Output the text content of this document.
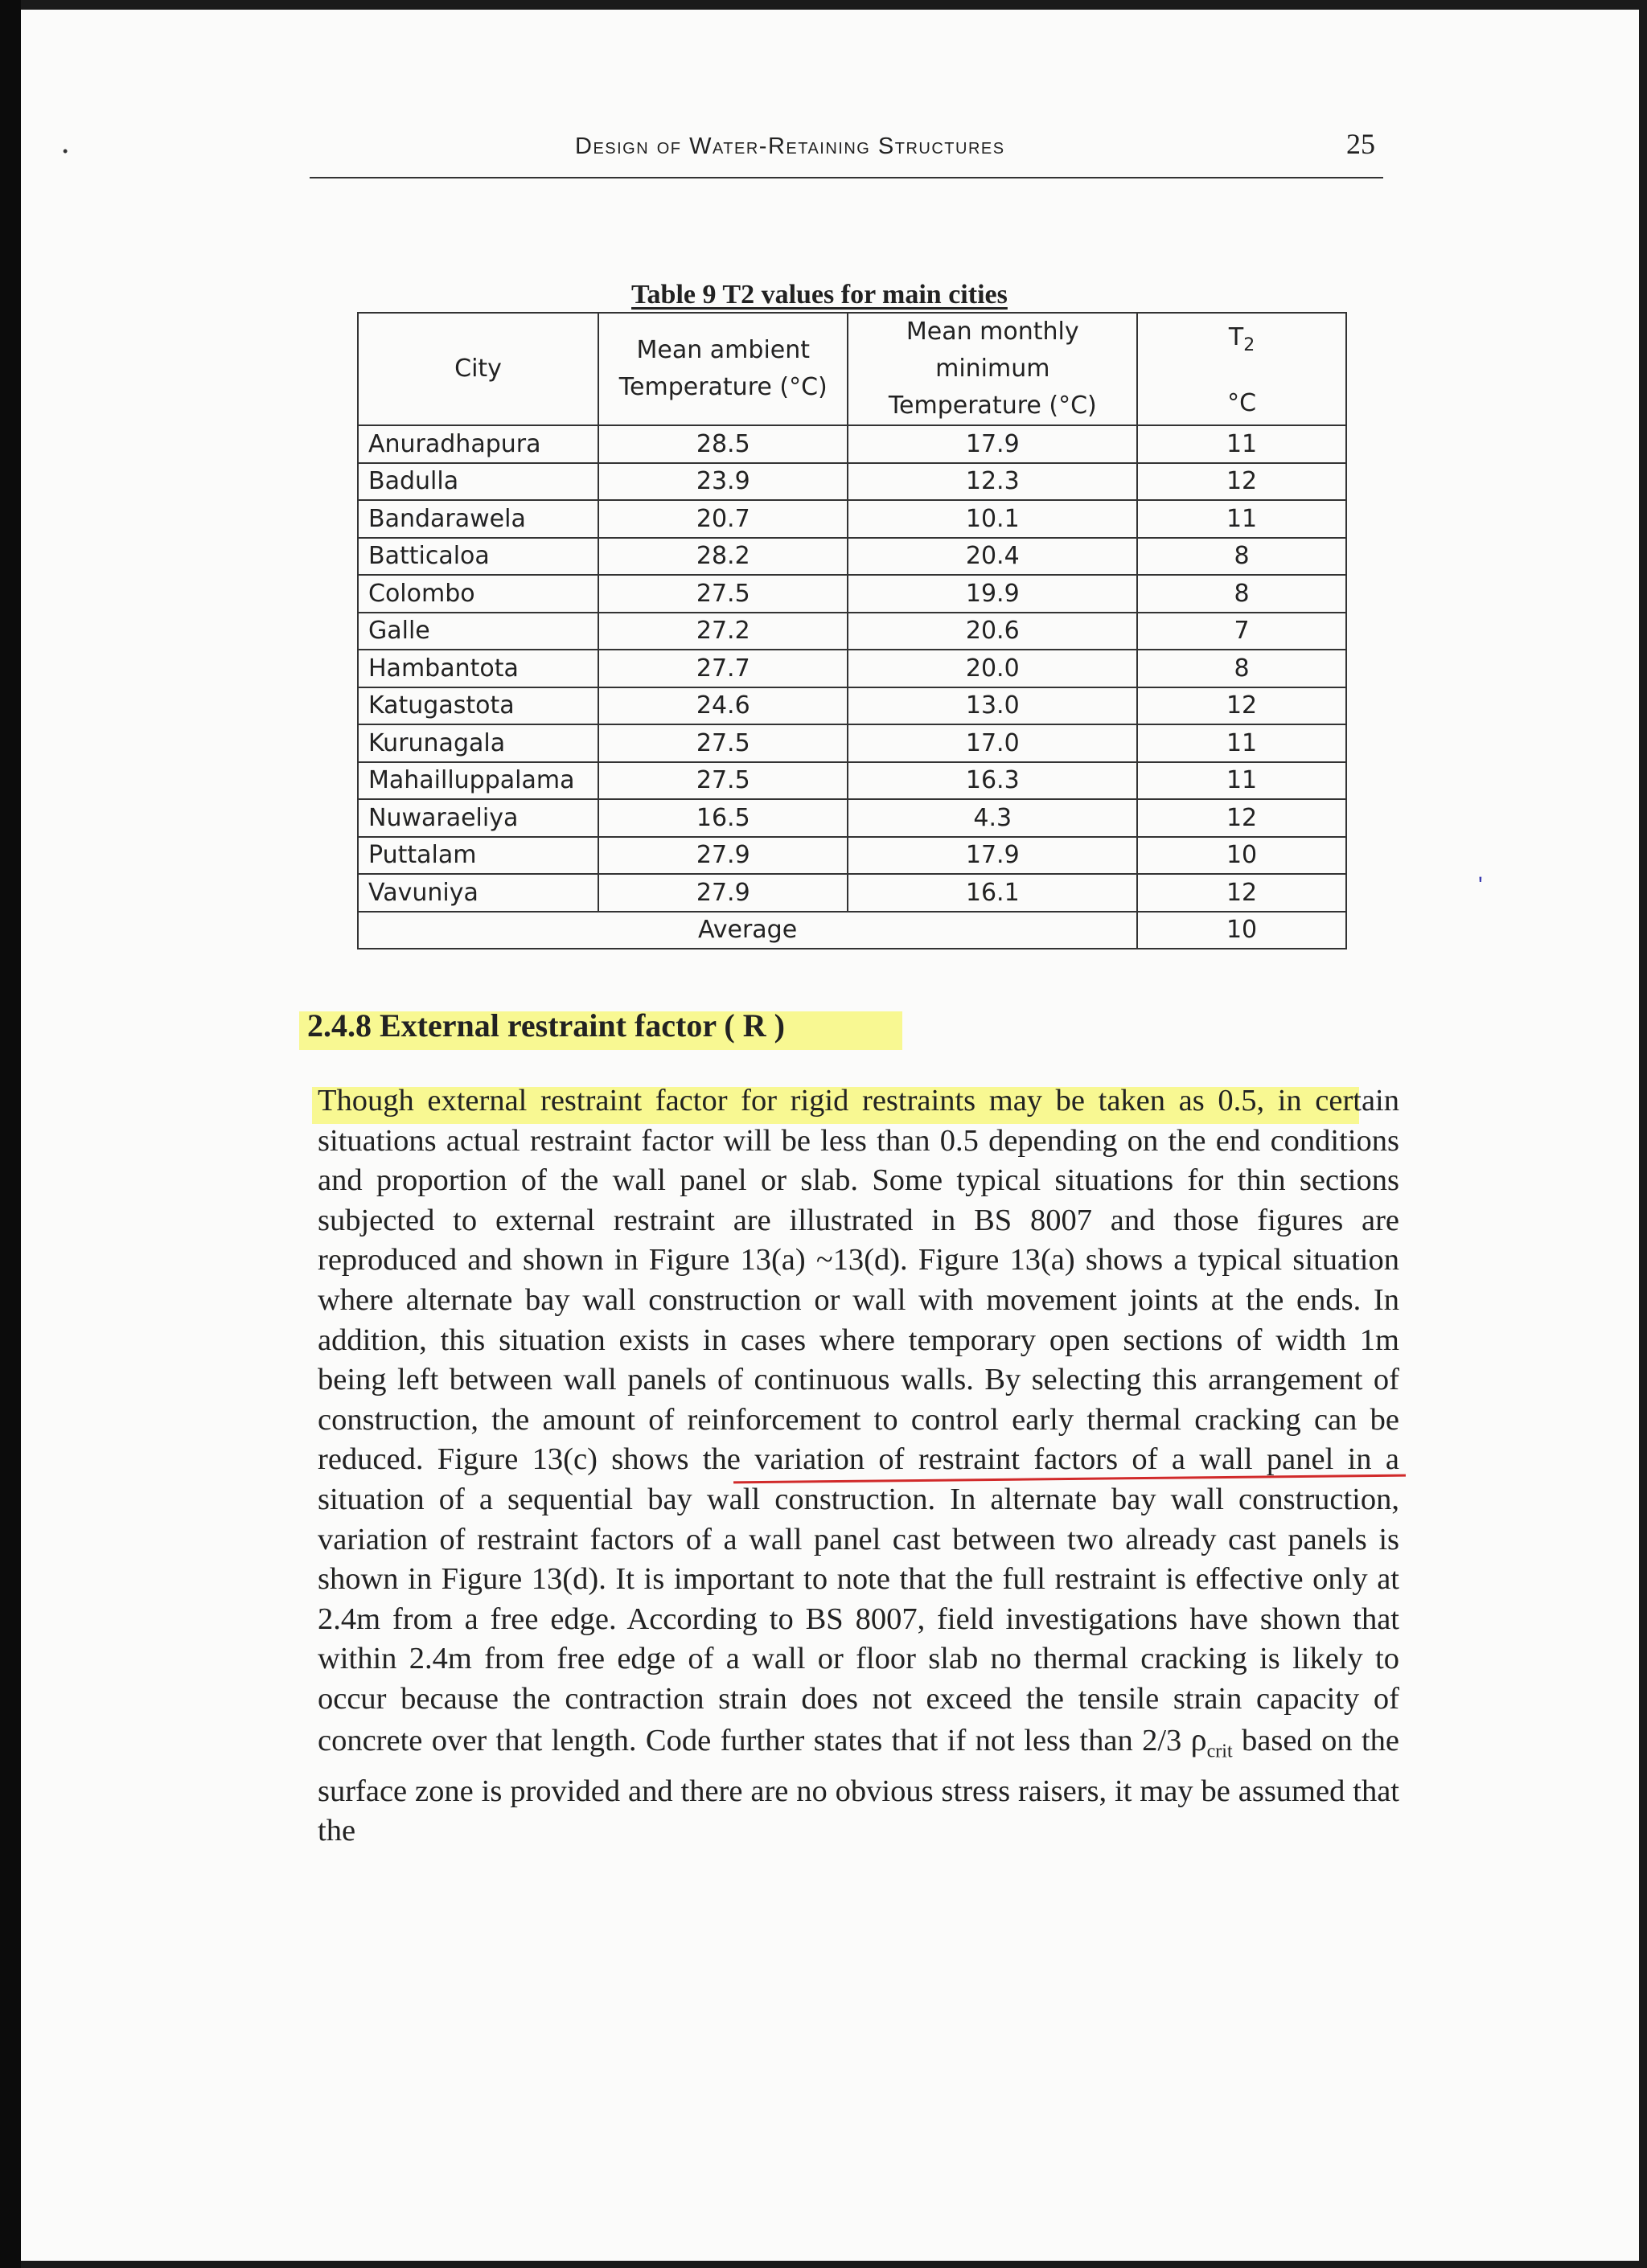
Design of Water-Retaining Structures	25
Table 9 T2 values for main cities
City	Mean ambient Temperature (°C)	Mean monthly minimum Temperature (°C)	$T_2$
°C

Anuradhapura	28.5	17.9	11
Badulla	23.9	12.3	12
Bandarawela	20.7	10.1	11
Batticaloa	28.2	20.4	8
Colombo	27.5	19.9	8
Galle	27.2	20.6	7
Hambantota	27.7	20.0	8
Katugastota	24.6	13.0	12
Kurunagala	27.5	17.0	11
Mahailluppalama	27.5	16.3	11
Nuwaraeliya	16.5	4.3	12
Puttalam	27.9	17.9	10
Vavuniya	27.9	16.1	12
Average			10
2.4.8 External restraint factor ( R )

Though external restraint factor for rigid restraints may be taken as 0.5, in certain situations actual restraint factor will be less than 0.5 depending on the end conditions and proportion of the wall panel or slab. Some typical situations for thin sections subjected to external restraint are illustrated in BS 8007 and those figures are reproduced and shown in Figure 13(a) ~13(d). Figure 13(a) shows a typical situation where alternate bay wall construction or wall with movement joints at the ends. In addition, this situation exists in cases where temporary open sections of width 1m being left between wall panels of continuous walls. By selecting this arrangement of construction, the amount of reinforcement to control early thermal cracking can be reduced. Figure 13(c) shows the variation of restraint factors of a wall panel in a situation of a sequential bay wall construction. In alternate bay wall construction, variation of restraint factors of a wall panel cast between two already cast panels is shown in Figure 13(d). It is important to note that the full restraint is effective only at 2.4m from a free edge. According to BS 8007, field investigations have shown that within 2.4m from free edge of a wall or floor slab no thermal cracking is likely to occur because the contraction strain does not exceed the tensile strain capacity of concrete over that length. Code further states that if not less than 2/3 $\rho_{crit}$ based on the surface zone is provided and there are no obvious stress raisers, it may be assumed that the

•
ʹ
